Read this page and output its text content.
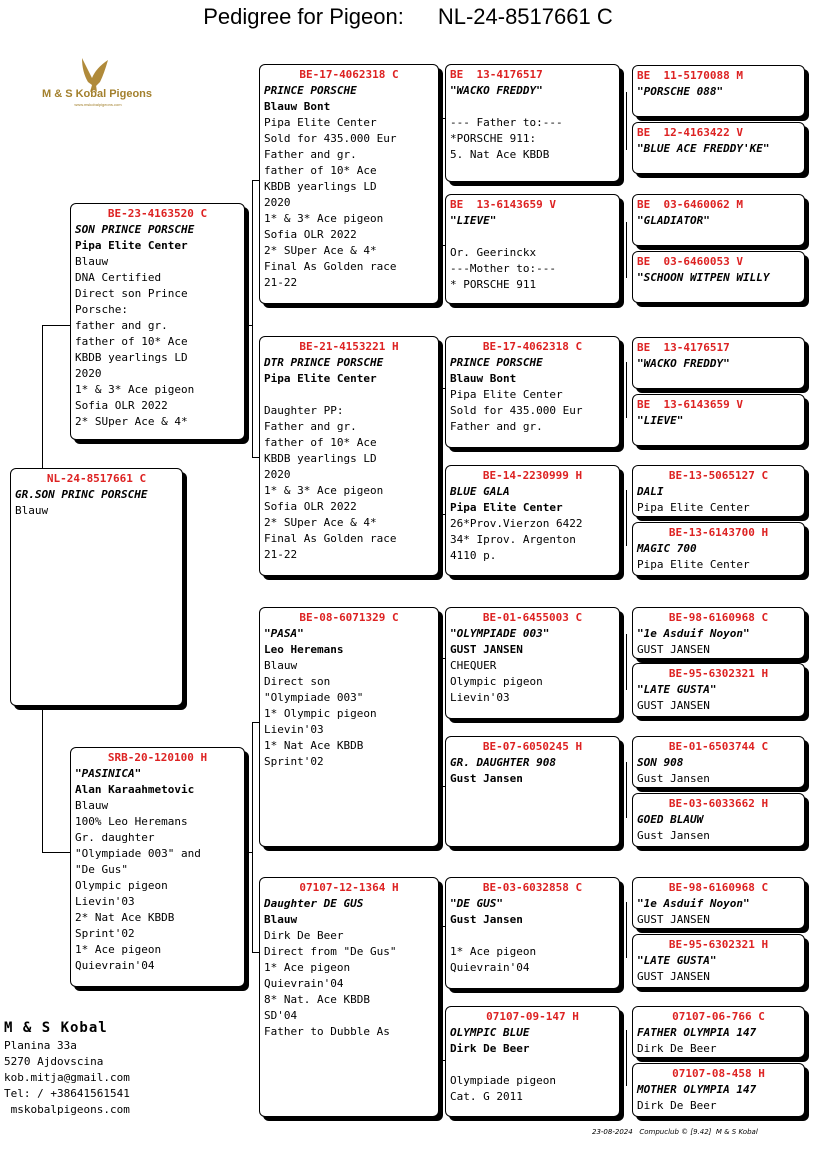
Pedigree for Pigeon: NL-24-8517661 C
M & S Kobal Pigeons
www.mskobalpigeons.com
NL-24-8517661 C
GR.SON PRINC PORSCHE
Blauw
BE-23-4163520 C
SON PRINCE PORSCHE
Pipa Elite Center
Blauw
DNA Certified
Direct son Prince
Porsche:
father and gr.
father of 10* Ace
KBDB yearlings LD
2020
1* & 3* Ace pigeon
Sofia OLR 2022
2* SUper Ace & 4*
SRB-20-120100 H
"PASINICA"
Alan Karaahmetovic
Blauw
100% Leo Heremans
Gr. daughter
"Olympiade 003" and
"De Gus"
Olympic pigeon
Lievin'03
2* Nat Ace KBDB
Sprint'02
1* Ace pigeon
Quievrain'04
BE-17-4062318 C
PRINCE PORSCHE
Blauw Bont
Pipa Elite Center
Sold for 435.000 Eur
Father and gr.
father of 10* Ace
KBDB yearlings LD
2020
1* & 3* Ace pigeon
Sofia OLR 2022
2* SUper Ace & 4*
Final As Golden race
21-22
BE-21-4153221 H
DTR PRINCE PORSCHE
Pipa Elite Center
Daughter PP:
Father and gr.
father of 10* Ace
KBDB yearlings LD
2020
1* & 3* Ace pigeon
Sofia OLR 2022
2* SUper Ace & 4*
Final As Golden race
21-22
BE-08-6071329 C
"PASA"
Leo Heremans
Blauw
Direct son
"Olympiade 003"
1* Olympic pigeon
Lievin'03
1* Nat Ace KBDB
Sprint'02
07107-12-1364 H
Daughter DE GUS
Blauw
Dirk De Beer
Direct from "De Gus"
1* Ace pigeon
Quievrain'04
8* Nat. Ace KBDB
SD'04
Father to Dubble As
BE  13-4176517
"WACKO FREDDY"
--- Father to:---
*PORSCHE 911:
5. Nat Ace KBDB
BE  13-6143659 V
"LIEVE"
Or. Geerinckx
---Mother to:---
* PORSCHE 911
BE-17-4062318 C
PRINCE PORSCHE
Blauw Bont
Pipa Elite Center
Sold for 435.000 Eur
Father and gr.
BE-14-2230999 H
BLUE GALA
Pipa Elite Center
26*Prov.Vierzon 6422
34* Iprov. Argenton
4110 p.
BE-01-6455003 C
"OLYMPIADE 003"
GUST JANSEN
CHEQUER
Olympic pigeon
Lievin'03
BE-07-6050245 H
GR. DAUGHTER 908
Gust Jansen
BE-03-6032858 C
"DE GUS"
Gust Jansen
1* Ace pigeon
Quievrain'04
07107-09-147 H
OLYMPIC BLUE
Dirk De Beer
Olympiade pigeon
Cat. G 2011
BE  11-5170088 M
"PORSCHE 088"
BE  12-4163422 V
"BLUE ACE FREDDY'KE"
BE  03-6460062 M
"GLADIATOR"
BE  03-6460053 V
"SCHOON WITPEN WILLY
BE  13-4176517
"WACKO FREDDY"
BE  13-6143659 V
"LIEVE"
BE-13-5065127 C
DALI
Pipa Elite Center
BE-13-6143700 H
MAGIC 700
Pipa Elite Center
BE-98-6160968 C
"1e Asduif Noyon"
GUST JANSEN
BE-95-6302321 H
"LATE GUSTA"
GUST JANSEN
BE-01-6503744 C
SON 908
Gust Jansen
BE-03-6033662 H
GOED BLAUW
Gust Jansen
BE-98-6160968 C
"1e Asduif Noyon"
GUST JANSEN
BE-95-6302321 H
"LATE GUSTA"
GUST JANSEN
07107-06-766 C
FATHER OLYMPIA 147
Dirk De Beer
07107-08-458 H
MOTHER OLYMPIA 147
Dirk De Beer
M & S Kobal
Planina 33a
5270 Ajdovscina
kob.mitja@gmail.com
Tel: / +38641561541
mskobalpigeons.com
23-08-2024   Compuclub © [9.42]  M & S Kobal
